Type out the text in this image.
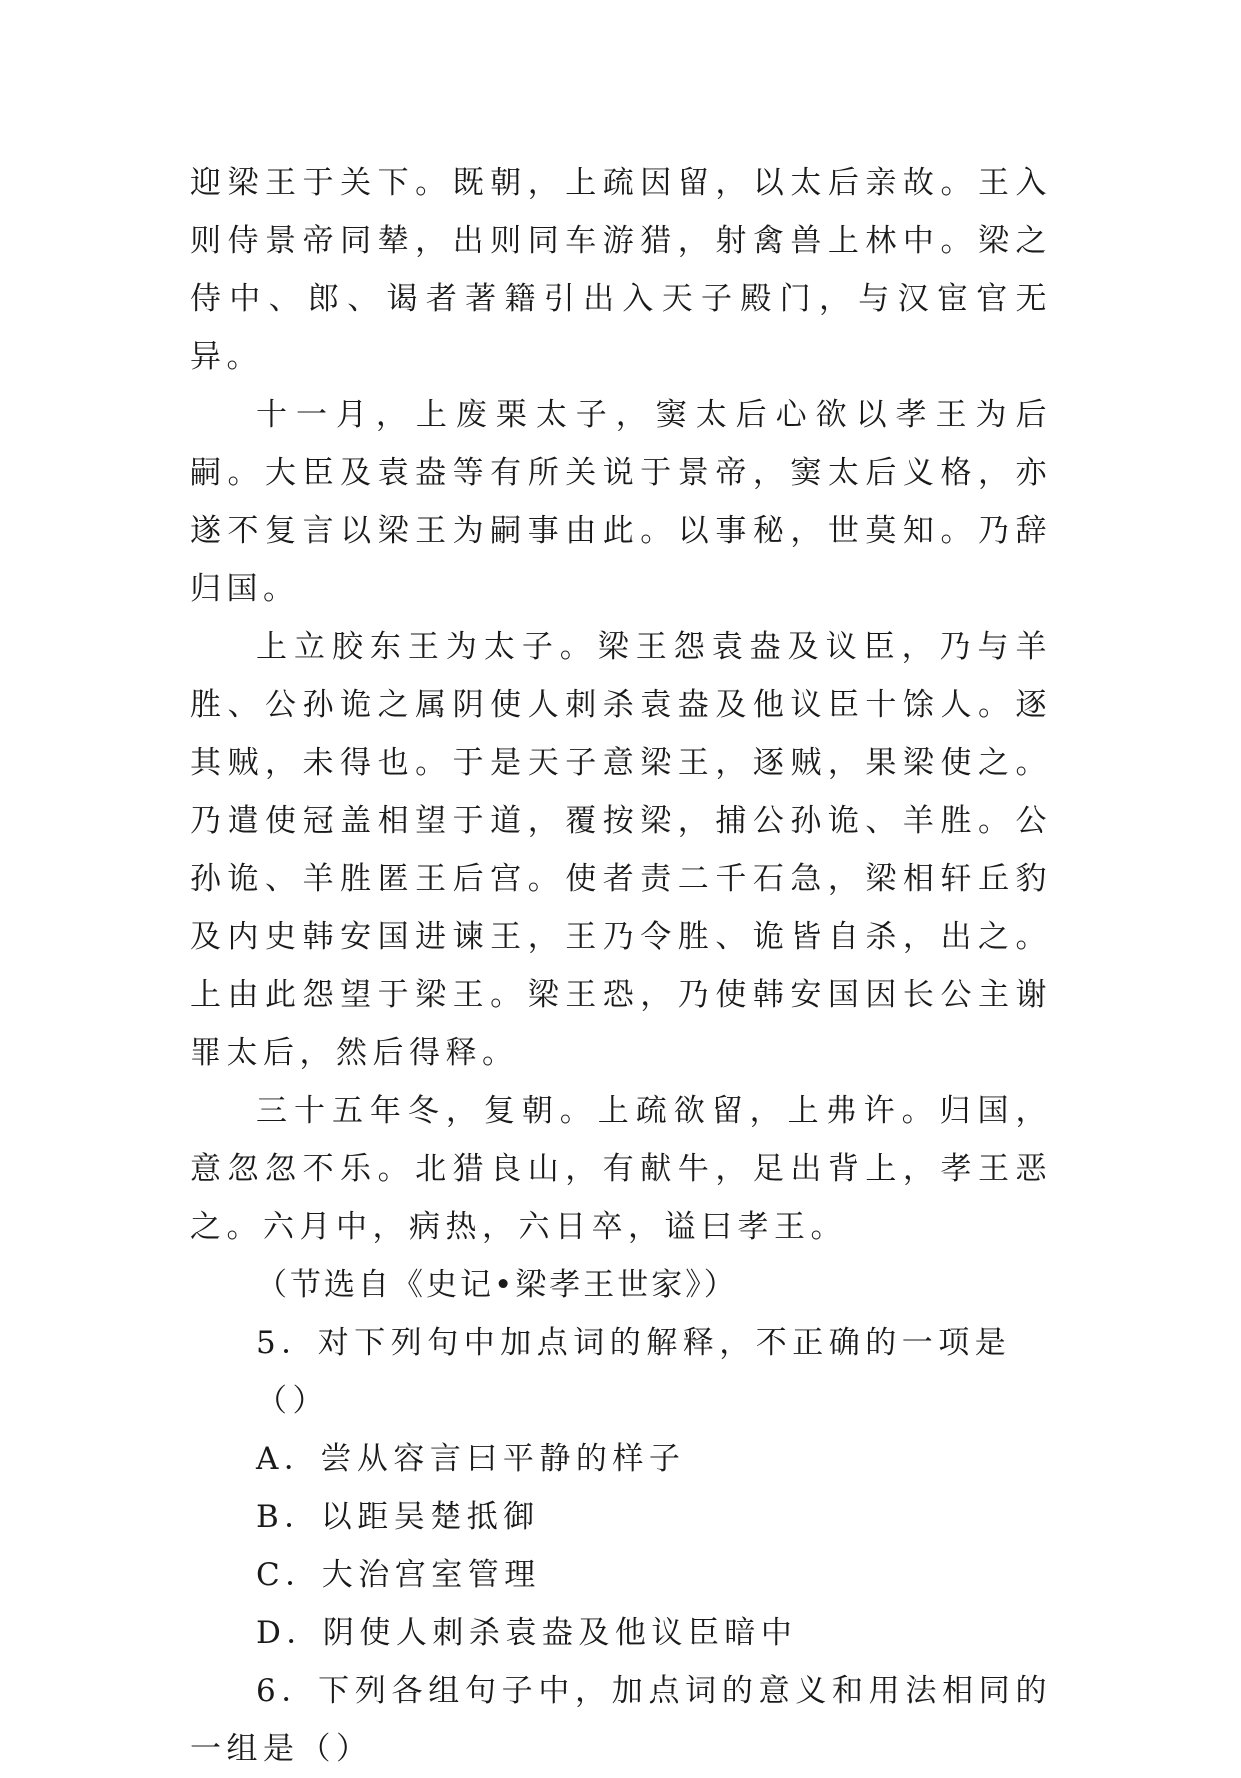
迎梁王于关下。既朝，上疏因留，以太后亲故。王入则侍景帝同辇，出则同车游猎，射禽兽上林中。梁之侍中、郎、谒者著籍引出入天子殿门，与汉宦官无异。

十一月，上废栗太子，窦太后心欲以孝王为后嗣。大臣及袁盎等有所关说于景帝，窦太后义格，亦遂不复言以梁王为嗣事由此。以事秘，世莫知。乃辞归国。

上立胶东王为太子。梁王怨袁盎及议臣，乃与羊胜、公孙诡之属阴使人刺杀袁盎及他议臣十馀人。逐其贼，未得也。于是天子意梁王，逐贼，果梁使之。乃遣使冠盖相望于道，覆按梁，捕公孙诡、羊胜。公孙诡、羊胜匿王后宫。使者责二千石急，梁相轩丘豹及内史韩安国进谏王，王乃令胜、诡皆自杀，出之。上由此怨望于梁王。梁王恐，乃使韩安国因长公主谢罪太后，然后得释。

三十五年冬，复朝。上疏欲留，上弗许。归国，意忽忽不乐。北猎良山，有献牛，足出背上，孝王恶之。六月中，病热，六日卒，谥曰孝王。

（节选自《史记•梁孝王世家》）

5．对下列句中加点词的解释，不正确的一项是（）

A．尝从容言曰平静的样子

B．以距吴楚抵御

C．大治宫室管理

D．阴使人刺杀袁盎及他议臣暗中

6．下列各组句子中，加点词的意义和用法相同的一组是（）
